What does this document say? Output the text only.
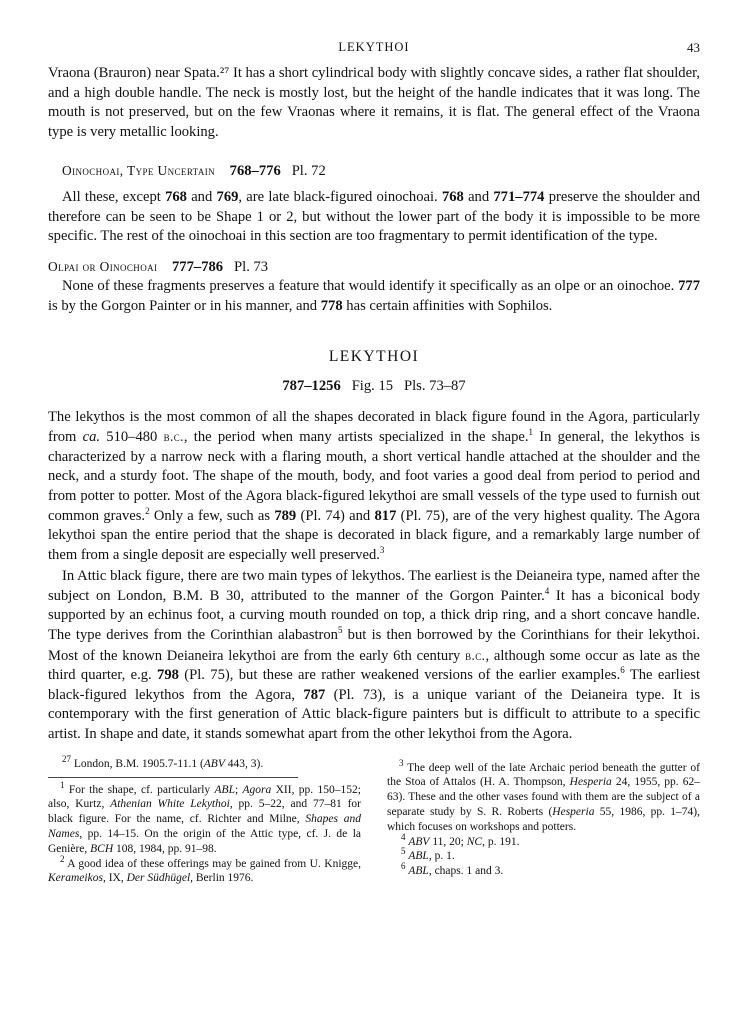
LEKYTHOI	43

Vraona (Brauron) near Spata.²⁷ It has a short cylindrical body with slightly concave sides, a rather flat shoulder, and a high double handle. The neck is mostly lost, but the height of the handle indicates that it was long. The mouth is not preserved, but on the few Vraonas where it remains, it is flat. The general effect of the Vraona type is very metallic looking.

Oinochoai, Type Uncertain 768–776 Pl. 72

All these, except 768 and 769, are late black-figured oinochoai. 768 and 771–774 preserve the shoulder and therefore can be seen to be Shape 1 or 2, but without the lower part of the body it is impossible to be more specific. The rest of the oinochoai in this section are too fragmentary to permit identification of the type.

Olpai or Oinochoai 777–786 Pl. 73

None of these fragments preserves a feature that would identify it specifically as an olpe or an oinochoe. 777 is by the Gorgon Painter or in his manner, and 778 has certain affinities with Sophilos.

LEKYTHOI
787–1256 Fig. 15 Pls. 73–87

The lekythos is the most common of all the shapes decorated in black figure found in the Agora, particularly from ca. 510–480 b.c., the period when many artists specialized in the shape.$^1$ In general, the lekythos is characterized by a narrow neck with a flaring mouth, a short vertical handle attached at the shoulder and the neck, and a sturdy foot. The shape of the mouth, body, and foot varies a good deal from period to period and from potter to potter. Most of the Agora black-figured lekythoi are small vessels of the type used to furnish out common graves.$^2$ Only a few, such as 789 (Pl. 74) and 817 (Pl. 75), are of the very highest quality. The Agora lekythoi span the entire period that the shape is decorated in black figure, and a remarkably large number of them from a single deposit are especially well preserved.$^3$

In Attic black figure, there are two main types of lekythos. The earliest is the Deianeira type, named after the subject on London, B.M. B 30, attributed to the manner of the Gorgon Painter.$^4$ It has a biconical body supported by an echinus foot, a curving mouth rounded on top, a thick drip ring, and a short concave handle. The type derives from the Corinthian alabastron$^5$ but is then borrowed by the Corinthians for their lekythoi. Most of the known Deianeira lekythoi are from the early 6th century b.c., although some occur as late as the third quarter, e.g. 798 (Pl. 75), but these are rather weakened versions of the earlier examples.$^6$ The earliest black-figured lekythos from the Agora, 787 (Pl. 73), is a unique variant of the Deianeira type. It is contemporary with the first generation of Attic black-figure painters but is difficult to attribute to a specific artist. In shape and date, it stands somewhat apart from the other lekythoi from the Agora.

$^{27}$ London, B.M. 1905.7-11.1 (ABV 443, 3).

$^1$ For the shape, cf. particularly ABL; Agora XII, pp. 150–152; also, Kurtz, Athenian White Lekythoi, pp. 5–22, and 77–81 for black figure. For the name, cf. Richter and Milne, Shapes and Names, pp. 14–15. On the origin of the Attic type, cf. J. de la Genière, BCH 108, 1984, pp. 91–98.

$^2$ A good idea of these offerings may be gained from U. Knigge, Kerameikos, IX, Der Südhügel, Berlin 1976.

$^3$ The deep well of the late Archaic period beneath the gutter of the Stoa of Attalos (H. A. Thompson, Hesperia 24, 1955, pp. 62–63). These and the other vases found with them are the subject of a separate study by S. R. Roberts (Hesperia 55, 1986, pp. 1–74), which focuses on workshops and potters.

$^4$ ABV 11, 20; NC, p. 191.

$^5$ ABL, p. 1.

$^6$ ABL, chaps. 1 and 3.
